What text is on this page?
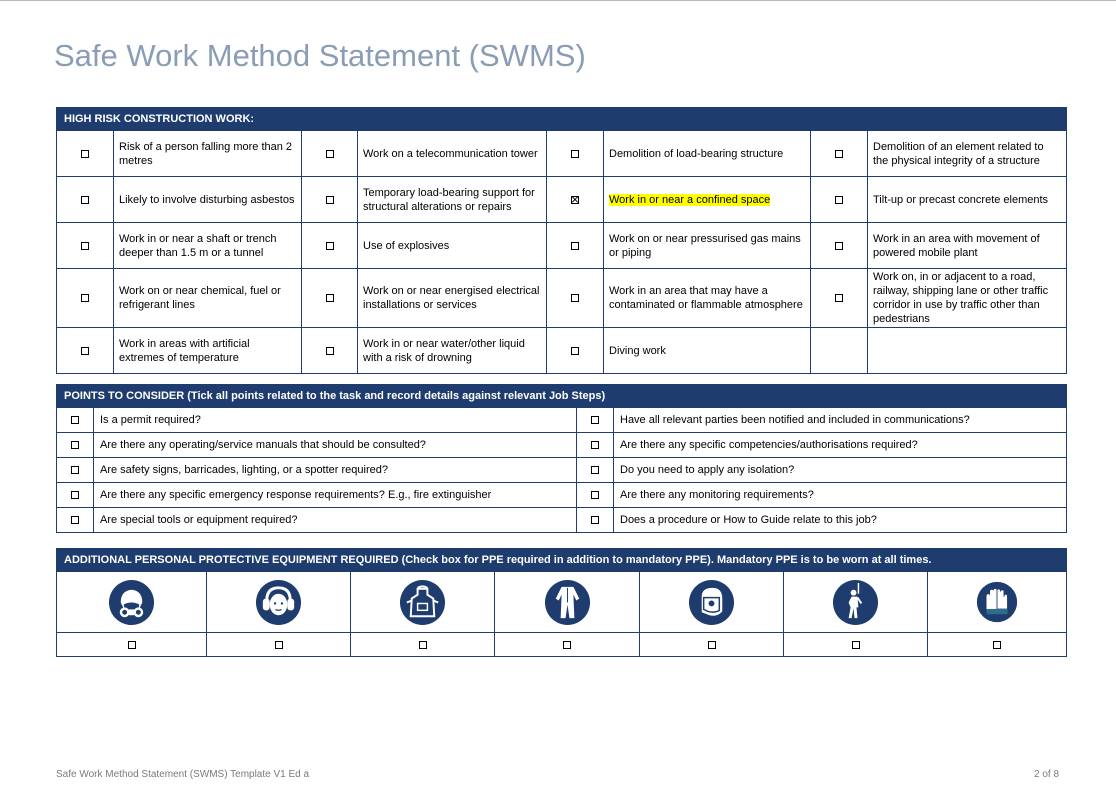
Safe Work Method Statement (SWMS)
HIGH RISK CONSTRUCTION WORK:							
	Risk of a person falling more than 2 metres		Work on a telecommunication tower		Demolition of load-bearing structure		Demolition of an element related to the physical integrity of a structure
	Likely to involve disturbing asbestos		Temporary load-bearing support for structural alterations or repairs		Work in or near a confined space		Tilt-up or precast concrete elements
	Work in or near a shaft or trench deeper than 1.5 m or a tunnel		Use of explosives		Work on or near pressurised gas mains or piping		Work in an area with movement of powered mobile plant
	Work on or near chemical, fuel or refrigerant lines		Work on or near energised electrical installations or services		Work in an area that may have a contaminated or flammable atmosphere		Work on, in or adjacent to a road, railway, shipping lane or other traffic corridor in use by traffic other than pedestrians
	Work in areas with artificial extremes of temperature		Work in or near water/other liquid with a risk of drowning		Diving work		
POINTS TO CONSIDER (Tick all points related to the task and record details against relevant Job Steps)			
	Is a permit required?		Have all relevant parties been notified and included in communications?
	Are there any operating/service manuals that should be consulted?		Are there any specific competencies/authorisations required?
	Are safety signs, barricades, lighting, or a spotter required?		Do you need to apply any isolation?
	Are there any specific emergency response requirements? E.g., fire extinguisher		Are there any monitoring requirements?
	Are special tools or equipment required?		Does a procedure or How to Guide relate to this job?
ADDITIONAL PERSONAL PROTECTIVE EQUIPMENT REQUIRED (Check box for PPE required in addition to mandatory PPE). Mandatory PPE is to be worn at all times.						

Safe Work Method Statement (SWMS) Template V1 Ed a	2 of 8
